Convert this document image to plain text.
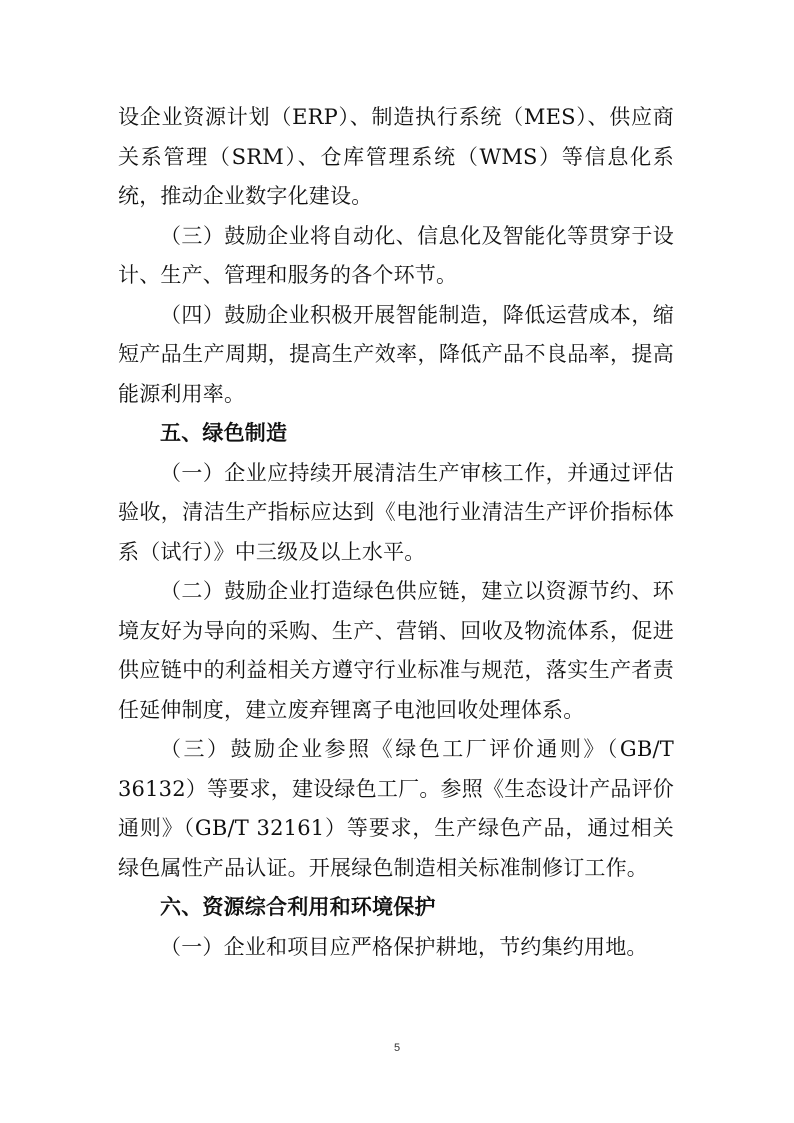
设企业资源计划（ERP）、制造执行系统（MES）、供应商关系管理（SRM）、仓库管理系统（WMS）等信息化系统，推动企业数字化建设。

（三）鼓励企业将自动化、信息化及智能化等贯穿于设计、生产、管理和服务的各个环节。

（四）鼓励企业积极开展智能制造，降低运营成本，缩短产品生产周期，提高生产效率，降低产品不良品率，提高能源利用率。

五、绿色制造

（一）企业应持续开展清洁生产审核工作，并通过评估验收，清洁生产指标应达到《电池行业清洁生产评价指标体系（试行）》中三级及以上水平。

（二）鼓励企业打造绿色供应链，建立以资源节约、环境友好为导向的采购、生产、营销、回收及物流体系，促进供应链中的利益相关方遵守行业标准与规范，落实生产者责任延伸制度，建立废弃锂离子电池回收处理体系。

（三）鼓励企业参照《绿色工厂评价通则》（GB/T 36132）等要求，建设绿色工厂。参照《生态设计产品评价通则》（GB/T 32161）等要求，生产绿色产品，通过相关绿色属性产品认证。开展绿色制造相关标准制修订工作。

六、资源综合利用和环境保护

（一）企业和项目应严格保护耕地，节约集约用地。

5
